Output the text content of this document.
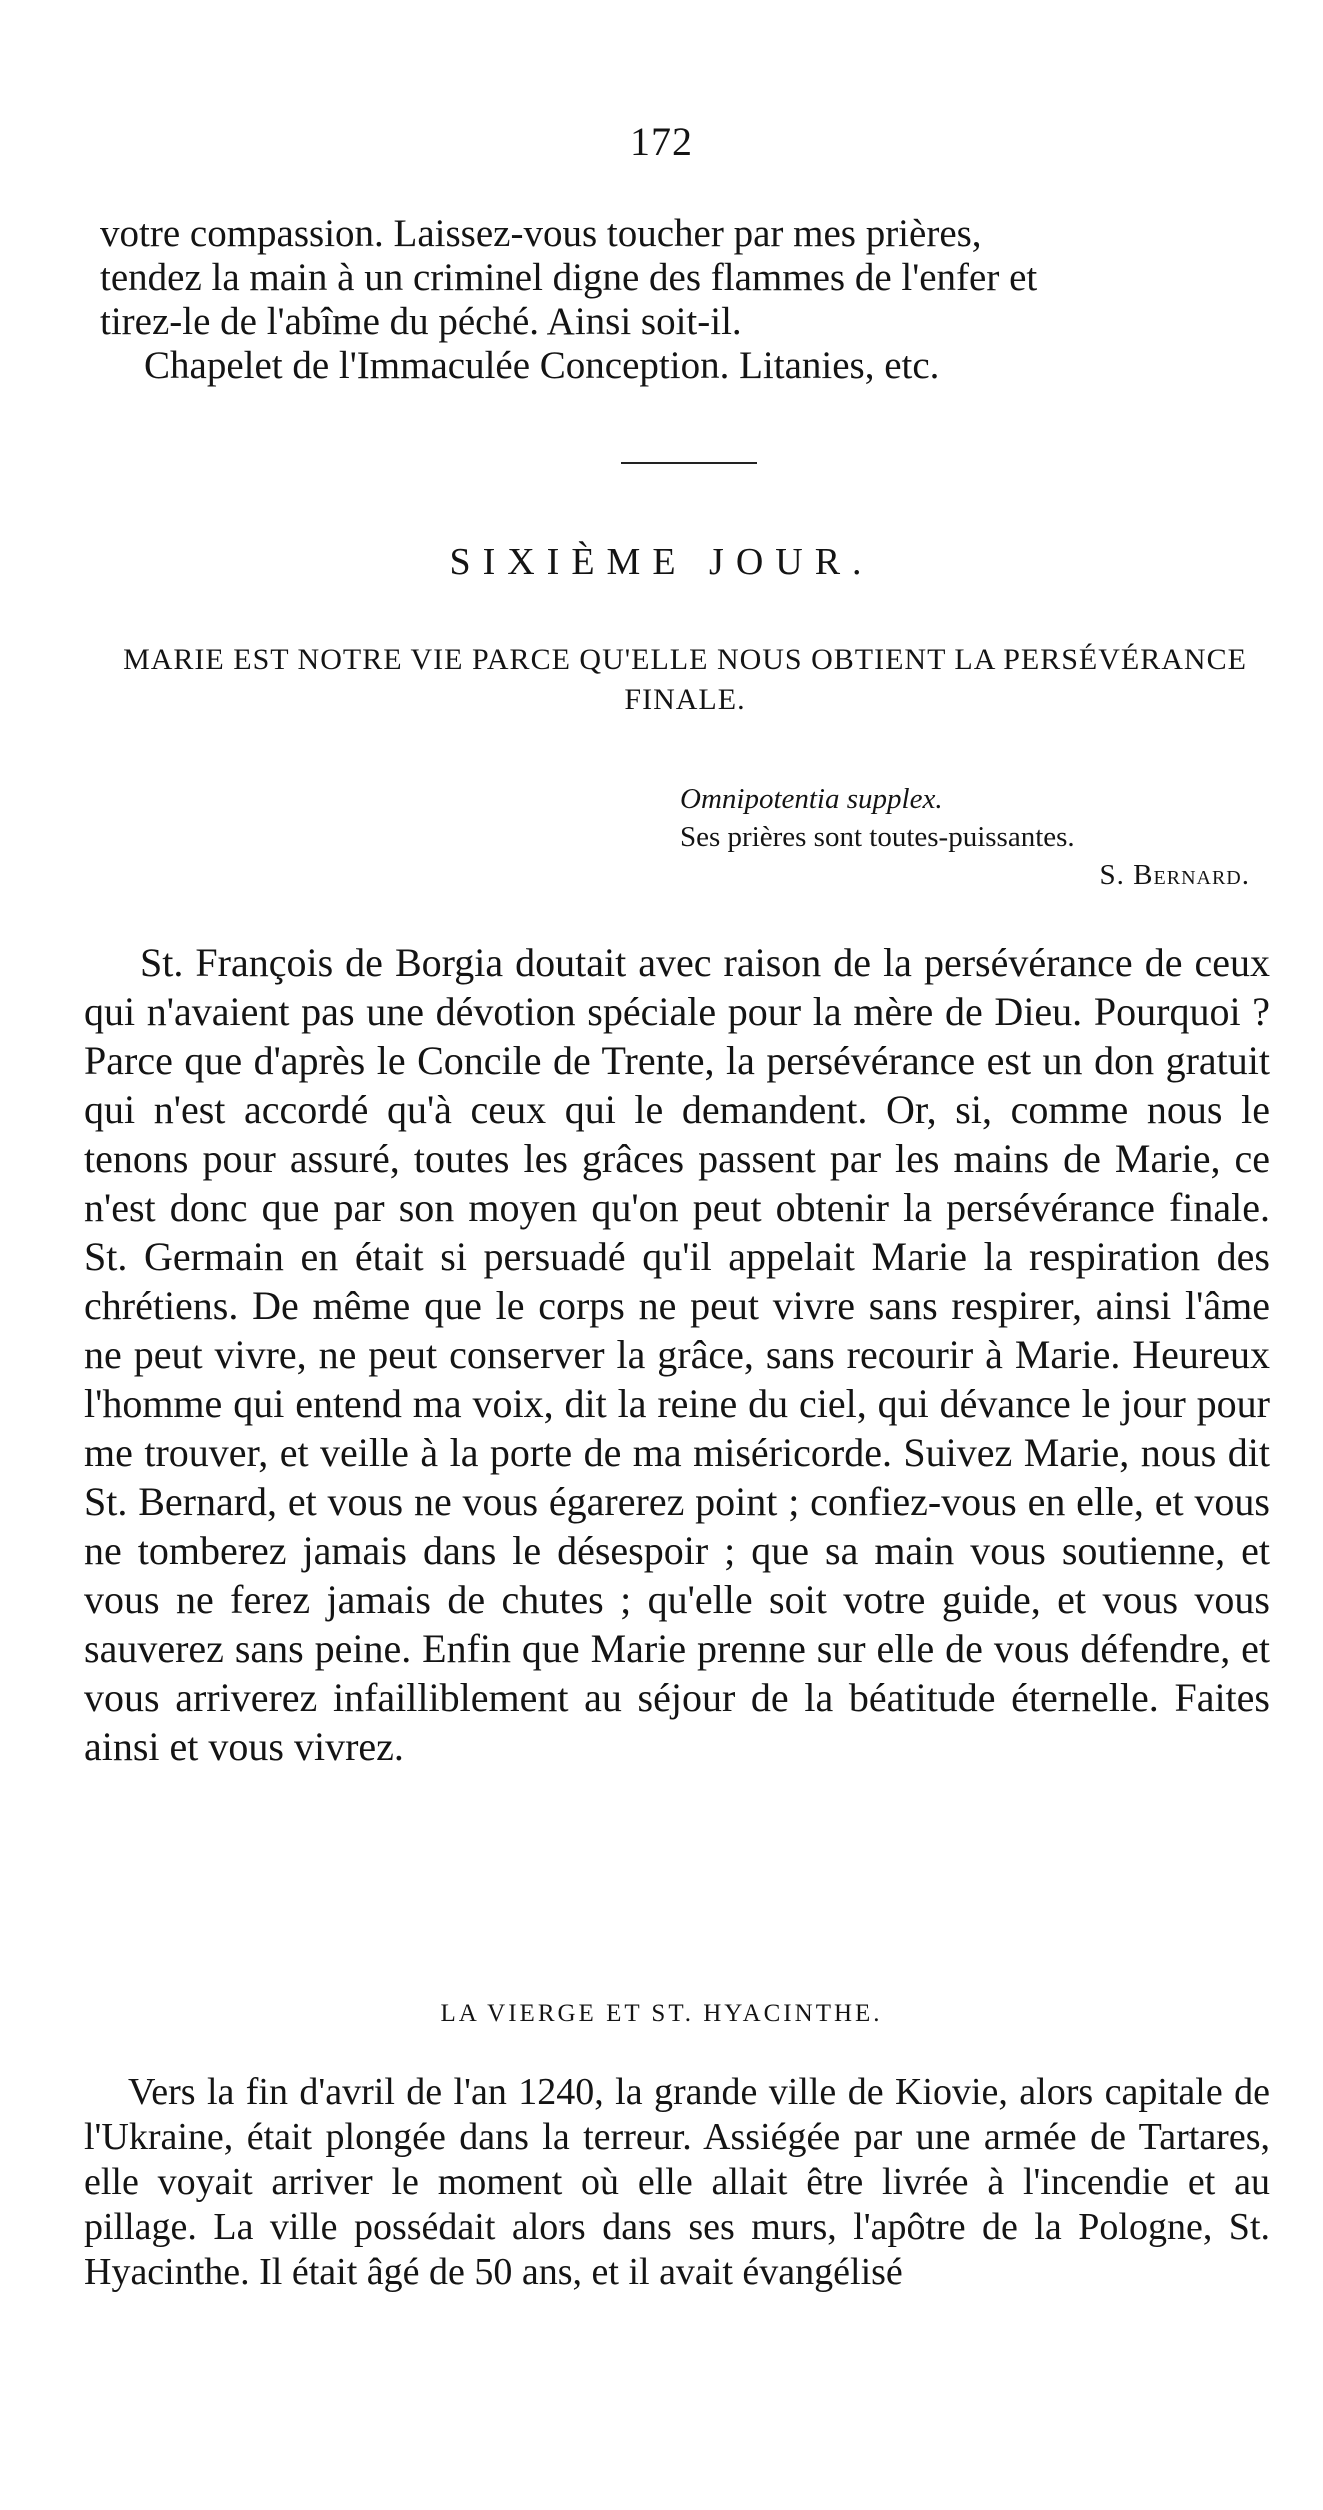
172

votre compassion. Laissez-vous toucher par mes prières,
tendez la main à un criminel digne des flammes de l'enfer et
tirez-le de l'abîme du péché. Ainsi soit-il.
Chapelet de l'Immaculée Conception. Litanies, etc.

SIXIÈME JOUR.
MARIE EST NOTRE VIE PARCE QU'ELLE NOUS OBTIENT LA PERSÉVÉRANCE FINALE.
Omnipotentia supplex.
Ses prières sont toutes-puissantes.
S. Bernard.

St. François de Borgia doutait avec raison de la persévérance de ceux qui n'avaient pas une dévotion spéciale pour la mère de Dieu. Pourquoi ? Parce que d'après le Concile de Trente, la persévérance est un don gratuit qui n'est accordé qu'à ceux qui le demandent. Or, si, comme nous le tenons pour assuré, toutes les grâces passent par les mains de Marie, ce n'est donc que par son moyen qu'on peut obtenir la persévérance finale. St. Germain en était si persuadé qu'il appelait Marie la respiration des chrétiens. De même que le corps ne peut vivre sans respirer, ainsi l'âme ne peut vivre, ne peut conserver la grâce, sans recourir à Marie. Heureux l'homme qui entend ma voix, dit la reine du ciel, qui dévance le jour pour me trouver, et veille à la porte de ma miséricorde. Suivez Marie, nous dit St. Bernard, et vous ne vous égarerez point ; confiez-vous en elle, et vous ne tomberez jamais dans le désespoir ; que sa main vous soutienne, et vous ne ferez jamais de chutes ; qu'elle soit votre guide, et vous vous sauverez sans peine. Enfin que Marie prenne sur elle de vous défendre, et vous arriverez infailliblement au séjour de la béatitude éternelle. Faites ainsi et vous vivrez.

LA VIERGE ET ST. HYACINTHE.

Vers la fin d'avril de l'an 1240, la grande ville de Kiovie, alors capitale de l'Ukraine, était plongée dans la terreur. Assiégée par une armée de Tartares, elle voyait arriver le moment où elle allait être livrée à l'incendie et au pillage. La ville possédait alors dans ses murs, l'apôtre de la Pologne, St. Hyacinthe. Il était âgé de 50 ans, et il avait évangélisé
